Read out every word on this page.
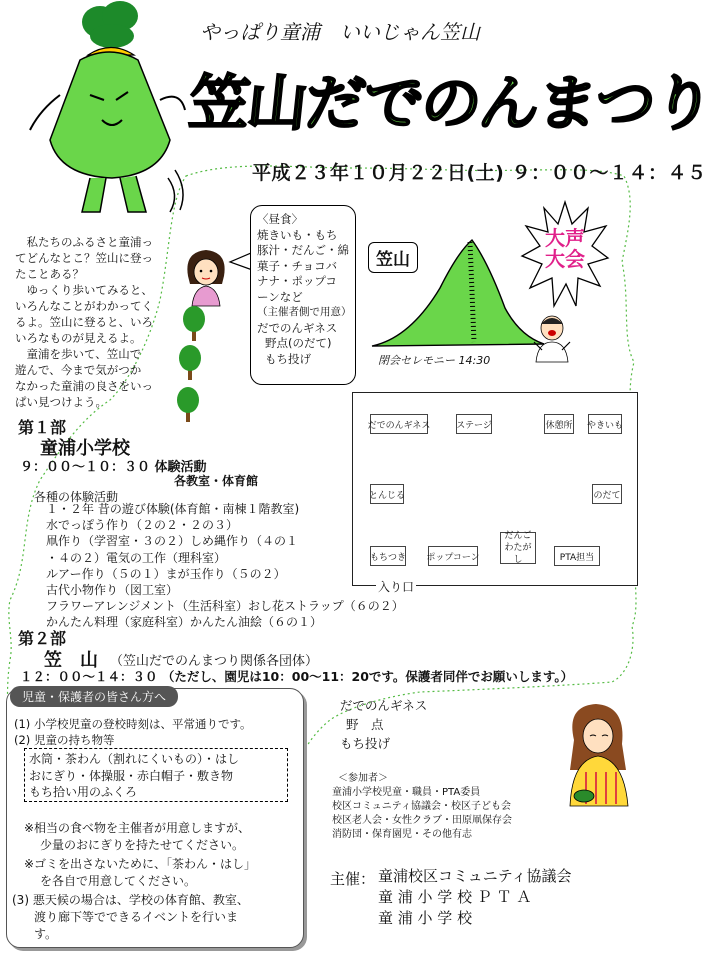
やっぱり童浦　いいじゃん笠山
笠山だでのんまつり
平成２３年１０月２２日(土) ９：００～１４：４５
　私たちのふるさと童浦っ
てどんなとこ？笠山に登っ
たことある？
　ゆっくり歩いてみると、
いろんなことがわかってく
るよ。笠山に登ると、いろ
いろなものが見えるよ。
　童浦を歩いて、笠山で
遊んで、今まで気がつか
なかった童浦の良さをいっ
ぱい見つけよう。
〈昼食〉
焼きいも・もち
豚汁・だんご・綿
菓子・チョコバ
ナナ・ポップコ
ーンなど
（主催者側で用意）
だでのんギネス
野点(のだて)
もち投げ
笠山
大声大会
閉会セレモニー 14:30
だでのんギネス	ステージ	休憩所 やきいも
とんじる	のだて
もちつき ポップコーン
だんご わたがし	PTA担当
入り口
第１部
童浦小学校
９：００～１０：３０ 体験活動
各教室・体育館
各種の体験活動
１・２年 昔の遊び体験(体育館・南棟１階教室)
水でっぽう作り（２の２・２の３）
凧作り（学習室・３の２）しめ縄作り（４の１
・４の２）電気の工作（理科室）
ルアー作り（５の１）まが玉作り（５の２）
古代小物作り（図工室）
フラワーアレンジメント（生活科室）おし花ストラップ（６の２）
かんたん料理（家庭科室）かんたん油絵（６の１）
第２部
笠　山 （笠山だでのんまつり関係各団体）
１２：００～１４：３０ （ただし、園児は10：00～11：20です。保護者同伴でお願いします。）
児童・保護者の皆さん方へ
(1) 小学校児童の登校時刻は、平常通りです。
(2) 児童の持ち物等
水筒・茶わん（割れにくいもの）・はし
おにぎり・体操服・赤白帽子・敷き物
もち拾い用のふくろ
※相当の食べ物を主催者が用意しますが、
少量のおにぎりを持たせてください。
※ゴミを出さないために、「茶わん・はし」
を各自で用意してください。
(3) 悪天候の場合は、学校の体育館、教室、
渡り廊下等でできるイベントを行いま
す。
だでのんギネス
野　点
もち投げ
＜参加者＞
童浦小学校児童・職員・PTA委員
校区コミュニティ協議会・校区子ども会
校区老人会・女性クラブ・田原凧保存会
消防団・保育園児・その他有志
主催： 童浦校区コミュニティ協議会
童 浦 小 学 校 Ｐ Ｔ Ａ
童 浦 小 学 校
